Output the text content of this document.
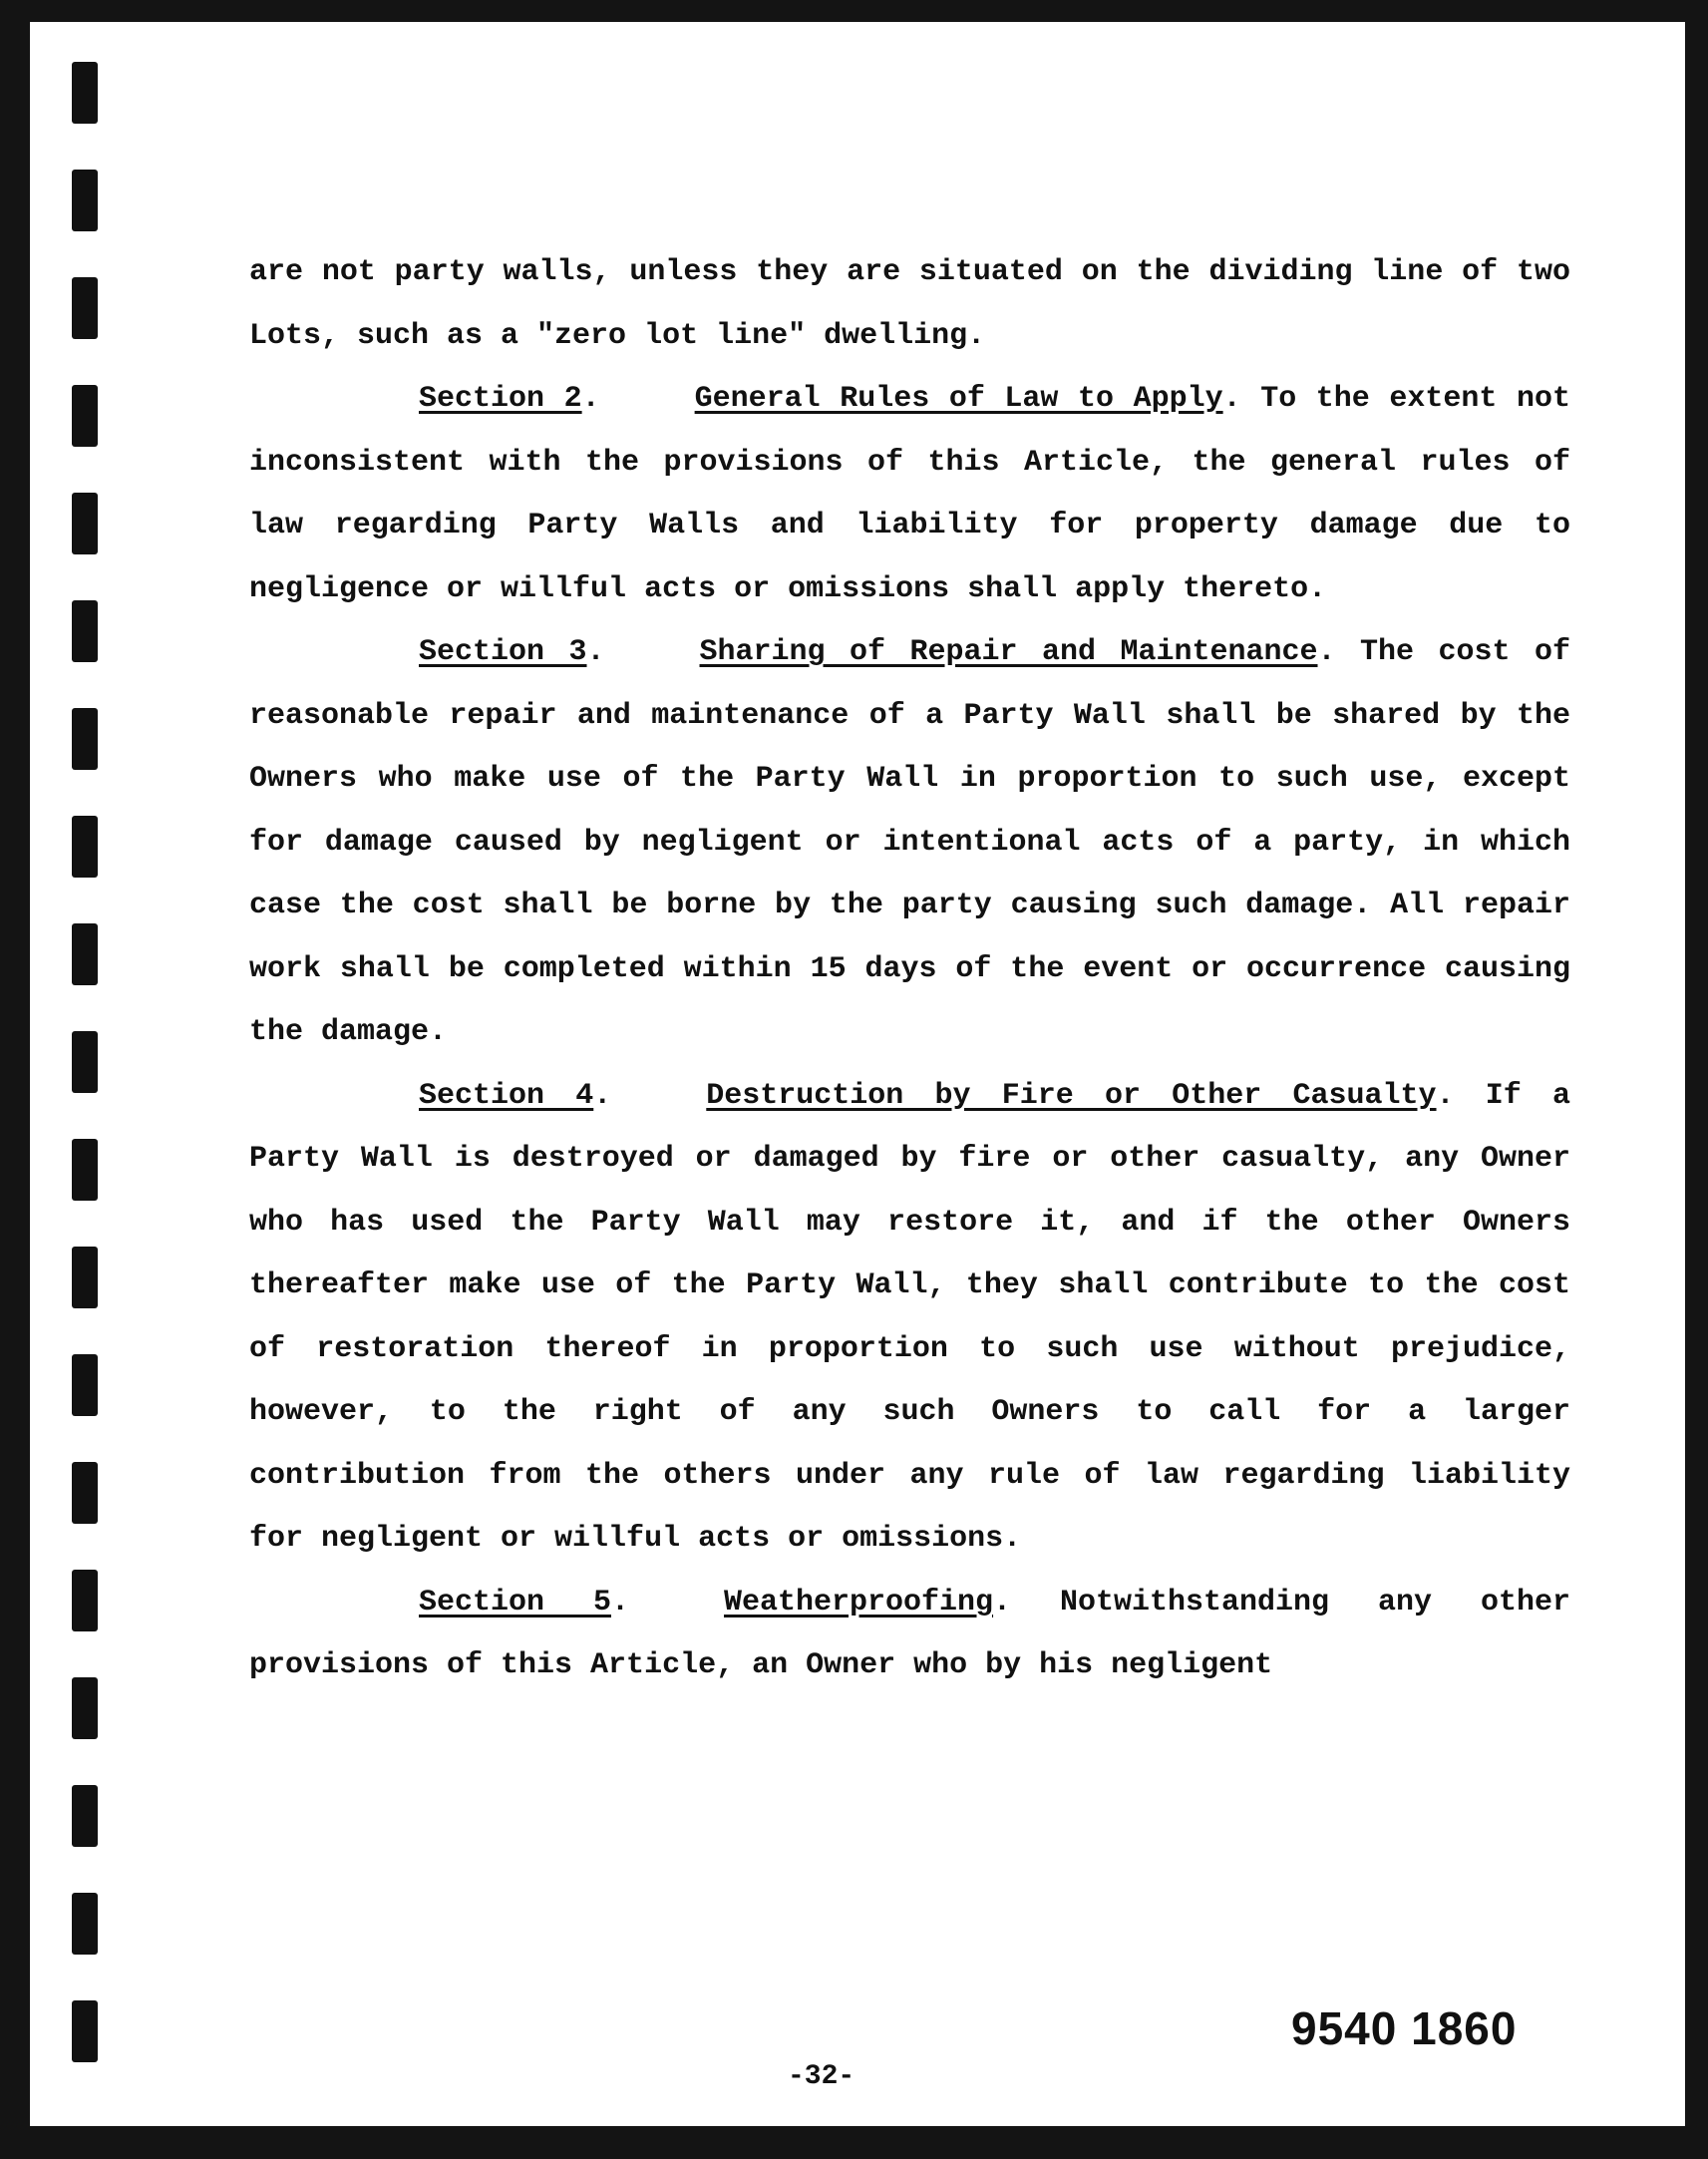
are not party walls, unless they are situated on the dividing line of two Lots, such as a "zero lot line" dwelling.

Section 2.	General Rules of Law to Apply. To the extent not inconsistent with the provisions of this Article, the general rules of law regarding Party Walls and liability for property damage due to negligence or willful acts or omissions shall apply thereto.

Section 3.	Sharing of Repair and Maintenance. The cost of reasonable repair and maintenance of a Party Wall shall be shared by the Owners who make use of the Party Wall in proportion to such use, except for damage caused by negligent or intentional acts of a party, in which case the cost shall be borne by the party causing such damage. All repair work shall be completed within 15 days of the event or occurrence causing the damage.

Section 4.	Destruction by Fire or Other Casualty. If a Party Wall is destroyed or damaged by fire or other casualty, any Owner who has used the Party Wall may restore it, and if the other Owners thereafter make use of the Party Wall, they shall contribute to the cost of restoration thereof in proportion to such use without prejudice, however, to the right of any such Owners to call for a larger contribution from the others under any rule of law regarding liability for negligent or willful acts or omissions.

Section 5.	Weatherproofing. Notwithstanding any other provisions of this Article, an Owner who by his negligent

9540 1860
-32-
